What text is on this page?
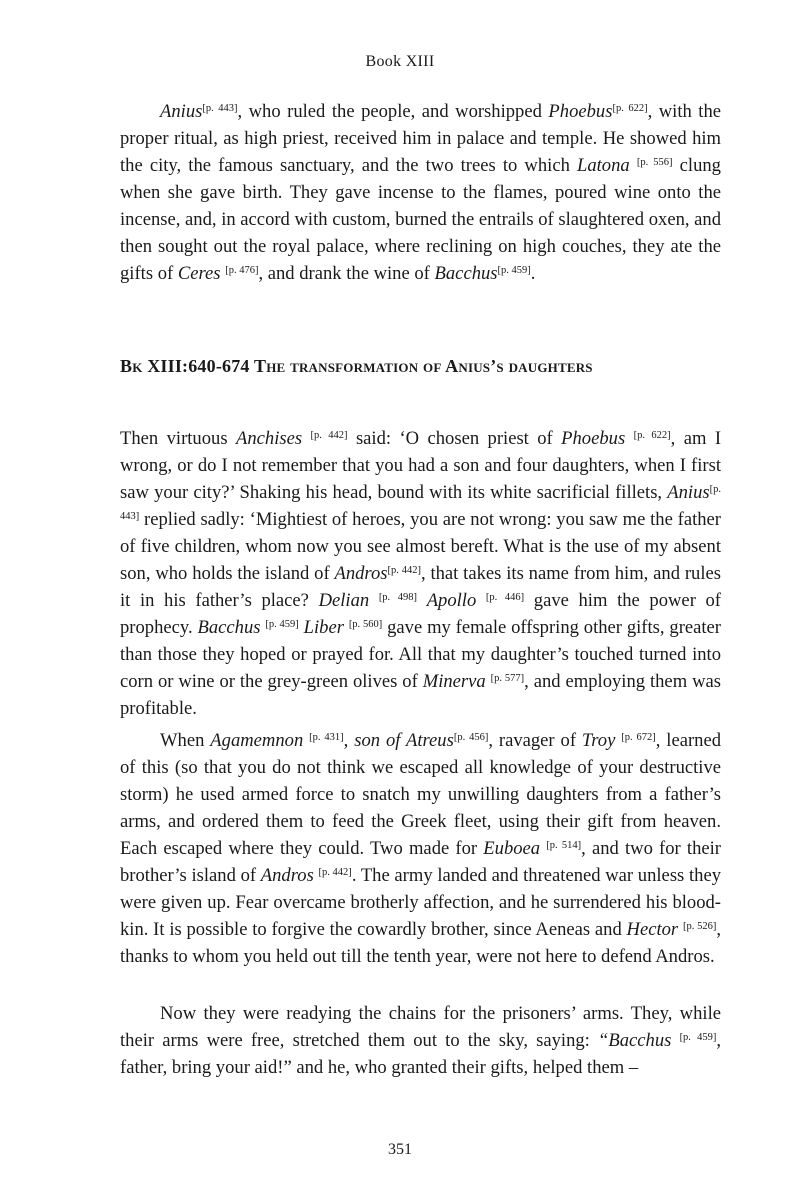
Book XIII

Anius[p. 443], who ruled the people, and worshipped Phoebus[p. 622], with the proper ritual, as high priest, received him in palace and temple. He showed him the city, the famous sanctuary, and the two trees to which Latona [p. 556] clung when she gave birth. They gave incense to the flames, poured wine onto the incense, and, in accord with custom, burned the entrails of slaughtered oxen, and then sought out the royal palace, where reclining on high couches, they ate the gifts of Ceres [p. 476], and drank the wine of Bacchus[p. 459].

Bk XIII:640-674 The transformation of Anius’s daughters

Then virtuous Anchises [p. 442] said: ‘O chosen priest of Phoebus [p. 622], am I wrong, or do I not remember that you had a son and four daughters, when I first saw your city?’ Shaking his head, bound with its white sacrificial fillets, Anius[p. 443] replied sadly: ‘Mightiest of heroes, you are not wrong: you saw me the father of five children, whom now you see almost bereft. What is the use of my absent son, who holds the island of Andros[p. 442], that takes its name from him, and rules it in his father’s place? Delian [p. 498] Apollo [p. 446] gave him the power of prophecy. Bacchus [p. 459] Liber [p. 560] gave my female offspring other gifts, greater than those they hoped or prayed for. All that my daughter’s touched turned into corn or wine or the grey-green olives of Minerva [p. 577], and employing them was profitable.

When Agamemnon [p. 431], son of Atreus[p. 456], ravager of Troy [p. 672], learned of this (so that you do not think we escaped all knowledge of your destructive storm) he used armed force to snatch my unwilling daughters from a father’s arms, and ordered them to feed the Greek fleet, using their gift from heaven. Each escaped where they could. Two made for Euboea [p. 514], and two for their brother’s island of Andros [p. 442]. The army landed and threatened war unless they were given up. Fear overcame brotherly affection, and he surrendered his blood-kin. It is possible to forgive the cowardly brother, since Aeneas and Hector [p. 526], thanks to whom you held out till the tenth year, were not here to defend Andros.

Now they were readying the chains for the prisoners’ arms. They, while their arms were free, stretched them out to the sky, saying: “Bacchus [p. 459], father, bring your aid!” and he, who granted their gifts, helped them –

351
